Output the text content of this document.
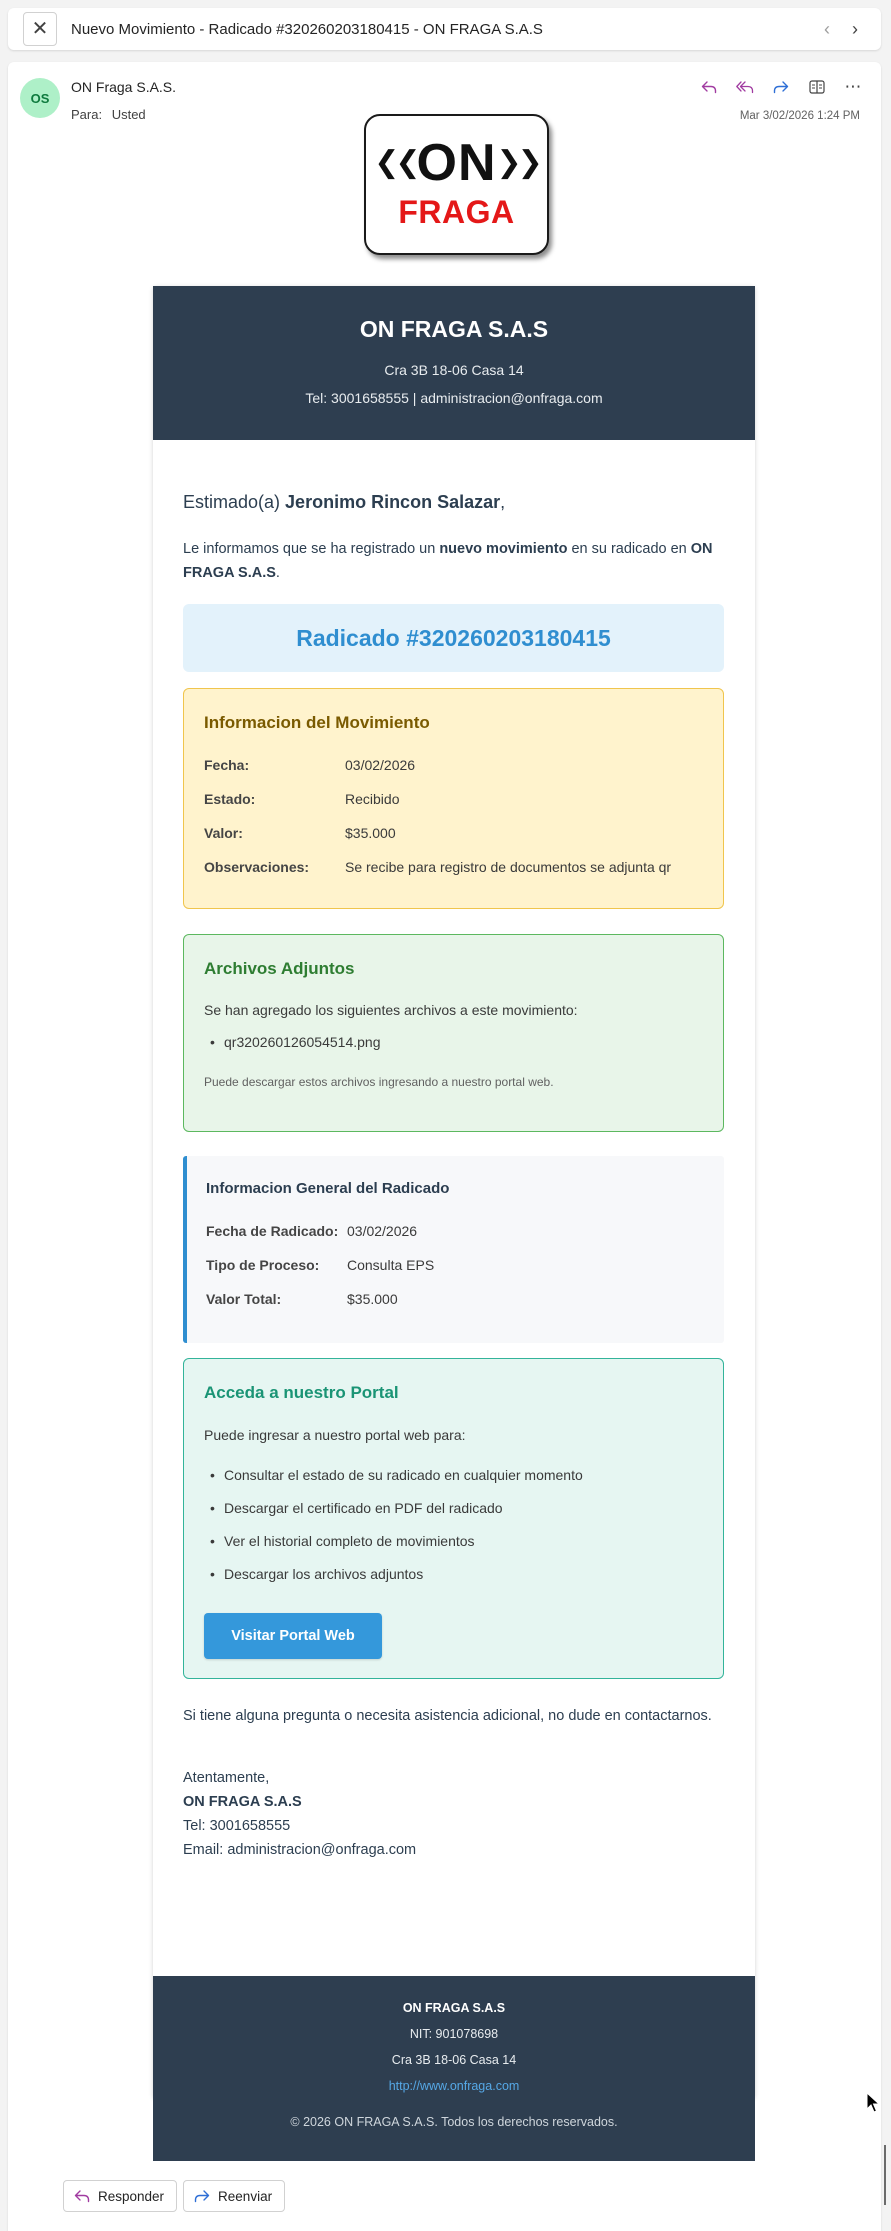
✕ Nuevo Movimiento - Radicado #320260203180415 - ON FRAGA S.A.S	‹ ›
OS
ON Fraga S.A.S.
Para: Usted
⋯
Mar 3/02/2026 1:24 PM
❮❮ON❯❯
FRAGA
ON FRAGA S.A.S
Cra 3B 18-06 Casa 14
Tel: 3001658555 | administracion@onfraga.com
Estimado(a) Jeronimo Rincon Salazar,
Le informamos que se ha registrado un nuevo movimiento en su radicado en ON FRAGA S.A.S.
Radicado #320260203180415
Informacion del Movimiento
Fecha:	03/02/2026
Estado:	Recibido
Valor:	$35.000
Observaciones:	Se recibe para registro de documentos se adjunta qr
Archivos Adjuntos
Se han agregado los siguientes archivos a este movimiento:
• qr320260126054514.png
Puede descargar estos archivos ingresando a nuestro portal web.
Informacion General del Radicado
Fecha de Radicado: 03/02/2026
Tipo de Proceso: Consulta EPS
Valor Total:	$35.000
Acceda a nuestro Portal
Puede ingresar a nuestro portal web para:
• Consultar el estado de su radicado en cualquier momento
• Descargar el certificado en PDF del radicado
• Ver el historial completo de movimientos
• Descargar los archivos adjuntos
Visitar Portal Web
Si tiene alguna pregunta o necesita asistencia adicional, no dude en contactarnos.
Atentamente,
ON FRAGA S.A.S
Tel: 3001658555
Email: administracion@onfraga.com
ON FRAGA S.A.S
NIT: 901078698
Cra 3B 18-06 Casa 14
http://www.onfraga.com
© 2026 ON FRAGA S.A.S. Todos los derechos reservados.
Responder	Reenviar
